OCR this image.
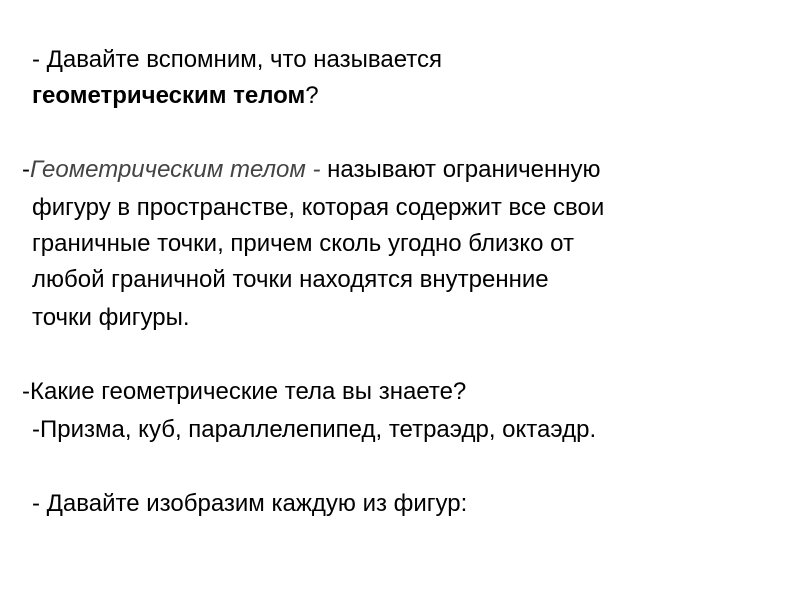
- Давайте вспомним, что называется
геометрическим телом?
-Геометрическим телом - называют ограниченную
фигуру в пространстве, которая содержит все свои
граничные точки, причем сколь угодно близко от
любой граничной точки находятся внутренние
точки фигуры.
-Какие геометрические тела вы знаете?
-Призма, куб, параллелепипед, тетраэдр, октаэдр.
- Давайте изобразим каждую из фигур:
